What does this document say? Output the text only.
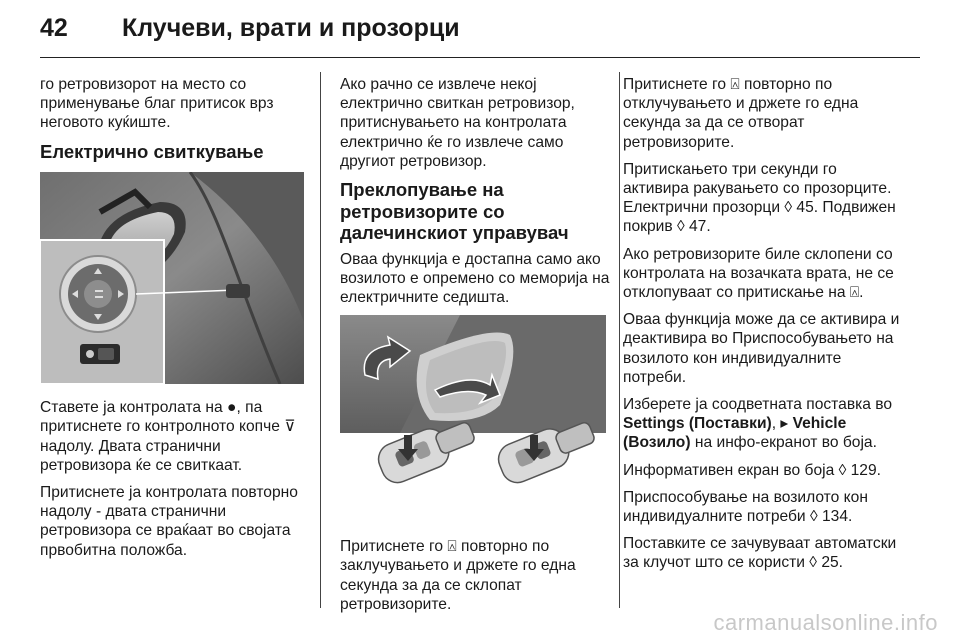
42 Клучеви, врати и прозорци

го ретровизорот на место со применување благ притисок врз неговото куќиште.

Електрично свиткување

Ставете ја контролата на ●, па притиснете го контролното копче ⊽ надолу. Двата странични ретровизора ќе се свиткаат.

Притиснете ја контролата повторно надолу - двата странични ретровизора се враќаат во својата првобитна положба.

Ако рачно се извлече некој електрично свиткан ретровизор, притиснувањето на контролата електрично ќе го извлече само другиот ретровизор.

Преклопување на ретровизорите со далечинскиот управувач

Оваа функција е достапна само ако возилото е опремено со меморија на електричните седишта.

Притиснете го ⍓ повторно по заклучувањето и држете го една секунда за да се склопат ретровизорите.

Притиснете го ⍓ повторно по отклучувањето и држете го една секунда за да се отворат ретровизорите.

Притискањето три секунди го активира ракувањето со прозорците. Електрични прозорци ◊ 45. Подвижен покрив ◊ 47.

Ако ретровизорите биле склопени со контролата на возачката врата, не се отклопуваат со притискање на ⍓.

Оваа функција може да се активира и деактивира во Приспособувањето на возилото кон индивидуалните потреби.

Изберете ја соодветната поставка во Settings (Поставки), ▸ Vehicle (Возило) на инфо-екранот во боја.

Информативен екран во боја ◊ 129.

Приспособување на возилото кон индивидуалните потреби ◊ 134.

Поставките се зачувуваат автоматски за клучот што се користи ◊ 25.

carmanualsonline.info
